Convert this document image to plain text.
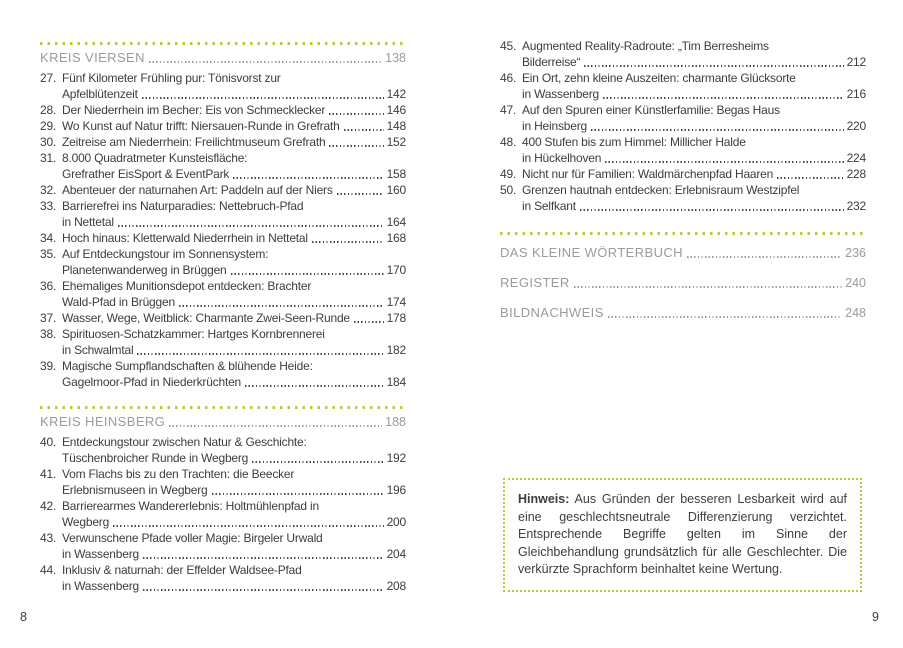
KREIS VIERSEN	138
27. Fünf Kilometer Frühling pur: Tönisvorst zur
Apfelblütenzeit	142
28. Der Niederrhein im Becher: Eis von Schmecklecker	146
29. Wo Kunst auf Natur trifft: Niersauen-Runde in Grefrath	148
30. Zeitreise am Niederrhein: Freilichtmuseum Grefrath	152
31. 8.000 Quadratmeter Kunsteisfläche:
Grefrather EisSport & EventPark	158
32. Abenteuer der naturnahen Art: Paddeln auf der Niers	160
33. Barrierefrei ins Naturparadies: Nettebruch-Pfad
in Nettetal	164
34. Hoch hinaus: Kletterwald Niederrhein in Nettetal	168
35. Auf Entdeckungstour im Sonnensystem:
Planetenwanderweg in Brüggen	170
36. Ehemaliges Munitionsdepot entdecken: Brachter
Wald-Pfad in Brüggen	174
37. Wasser, Wege, Weitblick: Charmante Zwei-Seen-Runde	178
38. Spirituosen-Schatzkammer: Hartges Kornbrennerei
in Schwalmtal	182
39. Magische Sumpflandschaften & blühende Heide:
Gagelmoor-Pfad in Niederkrüchten	184
KREIS HEINSBERG	188
40. Entdeckungstour zwischen Natur & Geschichte:
Tüschenbroicher Runde in Wegberg	192
41. Vom Flachs bis zu den Trachten: die Beecker
Erlebnismuseen in Wegberg	196
42. Barrierearmes Wandererlebnis: Holtmühlenpfad in
Wegberg	200
43. Verwunschene Pfade voller Magie: Birgeler Urwald
in Wassenberg	204
44. Inklusiv & naturnah: der Effelder Waldsee-Pfad
in Wassenberg	208
45. Augmented Reality-Radroute: „Tim Berresheims
Bilderreise“	212
46. Ein Ort, zehn kleine Auszeiten: charmante Glücksorte
in Wassenberg	216
47. Auf den Spuren einer Künstlerfamilie: Begas Haus
in Heinsberg	220
48. 400 Stufen bis zum Himmel: Millicher Halde
in Hückelhoven	224
49. Nicht nur für Familien: Waldmärchenpfad Haaren	228
50. Grenzen hautnah entdecken: Erlebnisraum Westzipfel
in Selfkant	232
DAS KLEINE WÖRTERBUCH	236
REGISTER	240
BILDNACHWEIS	248

Hinweis: Aus Gründen der besseren Lesbarkeit wird auf eine geschlechtsneutrale Differenzierung verzichtet. Entsprechende Begriffe gelten im Sinne der Gleichbehandlung grundsätzlich für alle Geschlechter. Die verkürzte Sprachform beinhaltet keine Wertung.

8	9
